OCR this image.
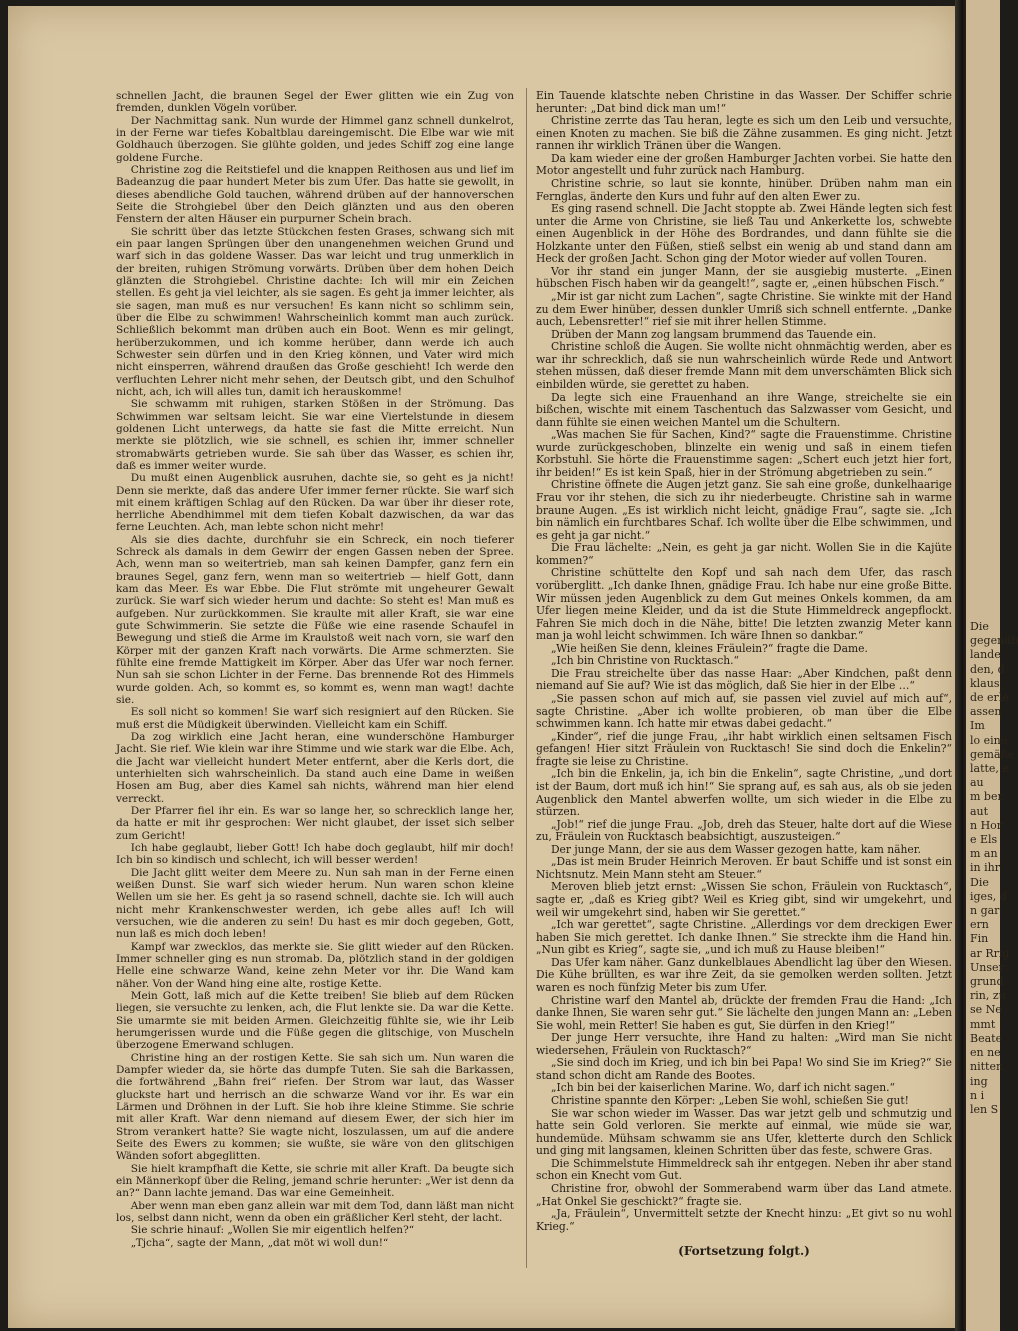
schnellen Jacht, die braunen Segel der Ewer glitten wie ein Zug von fremden, dunklen Vögeln vorüber.

Der Nachmittag sank. Nun wurde der Himmel ganz schnell dunkelrot, in der Ferne war tiefes Kobaltblau dareingemischt. Die Elbe war wie mit Goldhauch überzogen. Sie glühte golden, und jedes Schiff zog eine lange goldene Furche.

Christine zog die Reitstiefel und die knappen Reithosen aus und lief im Badeanzug die paar hundert Meter bis zum Ufer. Das hatte sie gewollt, in dieses abendliche Gold tauchen, während drüben auf der hannoverschen Seite die Strohgiebel über den Deich glänzten und aus den oberen Fenstern der alten Häuser ein purpurner Schein brach.

Sie schritt über das letzte Stückchen festen Grases, schwang sich mit ein paar langen Sprüngen über den unangenehmen weichen Grund und warf sich in das goldene Wasser. Das war leicht und trug unmerklich in der breiten, ruhigen Strömung vorwärts. Drüben über dem hohen Deich glänzten die Strohgiebel. Christine dachte: Ich will mir ein Zeichen stellen. Es geht ja viel leichter, als sie sagen. Es geht ja immer leichter, als sie sagen, man muß es nur versuchen! Es kann nicht so schlimm sein, über die Elbe zu schwimmen! Wahrscheinlich kommt man auch zurück. Schließlich bekommt man drüben auch ein Boot. Wenn es mir gelingt, herüberzukommen, und ich komme herüber, dann werde ich auch Schwester sein dürfen und in den Krieg können, und Vater wird mich nicht einsperren, während draußen das Große geschieht! Ich werde den verfluchten Lehrer nicht mehr sehen, der Deutsch gibt, und den Schulhof nicht, ach, ich will alles tun, damit ich herauskomme!

Sie schwamm mit ruhigen, starken Stößen in der Strömung. Das Schwimmen war seltsam leicht. Sie war eine Viertelstunde in diesem goldenen Licht unterwegs, da hatte sie fast die Mitte erreicht. Nun merkte sie plötzlich, wie sie schnell, es schien ihr, immer schneller stromabwärts getrieben wurde. Sie sah über das Wasser, es schien ihr, daß es immer weiter wurde.

Du mußt einen Augenblick ausruhen, dachte sie, so geht es ja nicht! Denn sie merkte, daß das andere Ufer immer ferner rückte. Sie warf sich mit einem kräftigen Schlag auf den Rücken. Da war über ihr dieser rote, herrliche Abendhimmel mit dem tiefen Kobalt dazwischen, da war das ferne Leuchten. Ach, man lebte schon nicht mehr!

Als sie dies dachte, durchfuhr sie ein Schreck, ein noch tieferer Schreck als damals in dem Gewirr der engen Gassen neben der Spree. Ach, wenn man so weitertrieb, man sah keinen Dampfer, ganz fern ein braunes Segel, ganz fern, wenn man so weitertrieb — hielf Gott, dann kam das Meer. Es war Ebbe. Die Flut strömte mit ungeheurer Gewalt zurück. Sie warf sich wieder herum und dachte: So steht es! Man muß es aufgeben. Nur zurückkommen. Sie kraulte mit aller Kraft, sie war eine gute Schwimmerin. Sie setzte die Füße wie eine rasende Schaufel in Bewegung und stieß die Arme im Kraulstoß weit nach vorn, sie warf den Körper mit der ganzen Kraft nach vorwärts. Die Arme schmerzten. Sie fühlte eine fremde Mattigkeit im Körper. Aber das Ufer war noch ferner. Nun sah sie schon Lichter in der Ferne. Das brennende Rot des Himmels wurde golden. Ach, so kommt es, so kommt es, wenn man wagt! dachte sie.

Es soll nicht so kommen! Sie warf sich resigniert auf den Rücken. Sie muß erst die Müdigkeit überwinden. Vielleicht kam ein Schiff.

Da zog wirklich eine Jacht heran, eine wunderschöne Hamburger Jacht. Sie rief. Wie klein war ihre Stimme und wie stark war die Elbe. Ach, die Jacht war vielleicht hundert Meter entfernt, aber die Kerls dort, die unterhielten sich wahrscheinlich. Da stand auch eine Dame in weißen Hosen am Bug, aber dies Kamel sah nichts, während man hier elend verreckt.

Der Pfarrer fiel ihr ein. Es war so lange her, so schrecklich lange her, da hatte er mit ihr gesprochen: Wer nicht glaubet, der isset sich selber zum Gericht!

Ich habe geglaubt, lieber Gott! Ich habe doch geglaubt, hilf mir doch! Ich bin so kindisch und schlecht, ich will besser werden!

Die Jacht glitt weiter dem Meere zu. Nun sah man in der Ferne einen weißen Dunst. Sie warf sich wieder herum. Nun waren schon kleine Wellen um sie her. Es geht ja so rasend schnell, dachte sie. Ich will auch nicht mehr Krankenschwester werden, ich gebe alles auf! Ich will versuchen, wie die anderen zu sein! Du hast es mir doch gegeben, Gott, nun laß es mich doch leben!

Kampf war zwecklos, das merkte sie. Sie glitt wieder auf den Rücken. Immer schneller ging es nun stromab. Da, plötzlich stand in der goldigen Helle eine schwarze Wand, keine zehn Meter vor ihr. Die Wand kam näher. Von der Wand hing eine alte, rostige Kette.

Mein Gott, laß mich auf die Kette treiben! Sie blieb auf dem Rücken liegen, sie versuchte zu lenken, ach, die Flut lenkte sie. Da war die Kette. Sie umarmte sie mit beiden Armen. Gleichzeitig fühlte sie, wie ihr Leib herumgerissen wurde und die Füße gegen die glitschige, von Muscheln überzogene Emerwand schlugen.

Christine hing an der rostigen Kette. Sie sah sich um. Nun waren die Dampfer wieder da, sie hörte das dumpfe Tuten. Sie sah die Barkassen, die fortwährend „Bahn frei“ riefen. Der Strom war laut, das Wasser gluckste hart und herrisch an die schwarze Wand vor ihr. Es war ein Lärmen und Dröhnen in der Luft. Sie hob ihre kleine Stimme. Sie schrie mit aller Kraft. War denn niemand auf diesem Ewer, der sich hier im Strom verankert hatte? Sie wagte nicht, loszulassen, um auf die andere Seite des Ewers zu kommen; sie wußte, sie wäre von den glitschigen Wänden sofort abgeglitten.

Sie hielt krampfhaft die Kette, sie schrie mit aller Kraft. Da beugte sich ein Männerkopf über die Reling, jemand schrie herunter: „Wer ist denn da an?“ Dann lachte jemand. Das war eine Gemeinheit.

Aber wenn man eben ganz allein war mit dem Tod, dann läßt man nicht los, selbst dann nicht, wenn da oben ein gräßlicher Kerl steht, der lacht.

Sie schrie hinauf: „Wollen Sie mir eigentlich helfen?“

„Tjcha“, sagte der Mann, „dat möt wi woll dun!“

Ein Tauende klatschte neben Christine in das Wasser. Der Schiffer schrie herunter: „Dat bind dick man um!“

Christine zerrte das Tau heran, legte es sich um den Leib und versuchte, einen Knoten zu machen. Sie biß die Zähne zusammen. Es ging nicht. Jetzt rannen ihr wirklich Tränen über die Wangen.

Da kam wieder eine der großen Hamburger Jachten vorbei. Sie hatte den Motor angestellt und fuhr zurück nach Hamburg.

Christine schrie, so laut sie konnte, hinüber. Drüben nahm man ein Fernglas, änderte den Kurs und fuhr auf den alten Ewer zu.

Es ging rasend schnell. Die Jacht stoppte ab. Zwei Hände legten sich fest unter die Arme von Christine, sie ließ Tau und Ankerkette los, schwebte einen Augenblick in der Höhe des Bordrandes, und dann fühlte sie die Holzkante unter den Füßen, stieß selbst ein wenig ab und stand dann am Heck der großen Jacht. Schon ging der Motor wieder auf vollen Touren.

Vor ihr stand ein junger Mann, der sie ausgiebig musterte. „Einen hübschen Fisch haben wir da geangelt!“, sagte er, „einen hübschen Fisch.“

„Mir ist gar nicht zum Lachen“, sagte Christine. Sie winkte mit der Hand zu dem Ewer hinüber, dessen dunkler Umriß sich schnell entfernte. „Danke auch, Lebensretter!“ rief sie mit ihrer hellen Stimme.

Drüben der Mann zog langsam brummend das Tauende ein.

Christine schloß die Augen. Sie wollte nicht ohnmächtig werden, aber es war ihr schrecklich, daß sie nun wahrscheinlich würde Rede und Antwort stehen müssen, daß dieser fremde Mann mit dem unverschämten Blick sich einbilden würde, sie gerettet zu haben.

Da legte sich eine Frauenhand an ihre Wange, streichelte sie ein bißchen, wischte mit einem Taschentuch das Salzwasser vom Gesicht, und dann fühlte sie einen weichen Mantel um die Schultern.

„Was machen Sie für Sachen, Kind?“ sagte die Frauenstimme. Christine wurde zurückgeschoben, blinzelte ein wenig und saß in einem tiefen Korbstuhl. Sie hörte die Frauenstimme sagen: „Schert euch jetzt hier fort, ihr beiden!“ Es ist kein Spaß, hier in der Strömung abgetrieben zu sein.“

Christine öffnete die Augen jetzt ganz. Sie sah eine große, dunkelhaarige Frau vor ihr stehen, die sich zu ihr niederbeugte. Christine sah in warme braune Augen. „Es ist wirklich nicht leicht, gnädige Frau“, sagte sie. „Ich bin nämlich ein furchtbares Schaf. Ich wollte über die Elbe schwimmen, und es geht ja gar nicht.“

Die Frau lächelte: „Nein, es geht ja gar nicht. Wollen Sie in die Kajüte kommen?“

Christine schüttelte den Kopf und sah nach dem Ufer, das rasch vorüberglitt. „Ich danke Ihnen, gnädige Frau. Ich habe nur eine große Bitte. Wir müssen jeden Augenblick zu dem Gut meines Onkels kommen, da am Ufer liegen meine Kleider, und da ist die Stute Himmeldreck angepflockt. Fahren Sie mich doch in die Nähe, bitte! Die letzten zwanzig Meter kann man ja wohl leicht schwimmen. Ich wäre Ihnen so dankbar.“

„Wie heißen Sie denn, kleines Fräulein?“ fragte die Dame.

„Ich bin Christine von Rucktasch.“

Die Frau streichelte über das nasse Haar: „Aber Kindchen, paßt denn niemand auf Sie auf? Wie ist das möglich, daß Sie hier in der Elbe …“

„Sie passen schon auf mich auf, sie passen viel zuviel auf mich auf“, sagte Christine. „Aber ich wollte probieren, ob man über die Elbe schwimmen kann. Ich hatte mir etwas dabei gedacht.“

„Kinder“, rief die junge Frau, „ihr habt wirklich einen seltsamen Fisch gefangen! Hier sitzt Fräulein von Rucktasch! Sie sind doch die Enkelin?“ fragte sie leise zu Christine.

„Ich bin die Enkelin, ja, ich bin die Enkelin“, sagte Christine, „und dort ist der Baum, dort muß ich hin!“ Sie sprang auf, es sah aus, als ob sie jeden Augenblick den Mantel abwerfen wollte, um sich wieder in die Elbe zu stürzen.

„Job!“ rief die junge Frau. „Job, dreh das Steuer, halte dort auf die Wiese zu, Fräulein von Rucktasch beabsichtigt, auszusteigen.“

Der junge Mann, der sie aus dem Wasser gezogen hatte, kam näher.

„Das ist mein Bruder Heinrich Meroven. Er baut Schiffe und ist sonst ein Nichtsnutz. Mein Mann steht am Steuer.“

Meroven blieb jetzt ernst: „Wissen Sie schon, Fräulein von Rucktasch“, sagte er, „daß es Krieg gibt? Weil es Krieg gibt, sind wir umgekehrt, und weil wir umgekehrt sind, haben wir Sie gerettet.“

„Ich war gerettet“, sagte Christine. „Allerdings vor dem dreckigen Ewer haben Sie mich gerettet. Ich danke Ihnen.“ Sie streckte ihm die Hand hin. „Nun gibt es Krieg“, sagte sie, „und ich muß zu Hause bleiben!“

Das Ufer kam näher. Ganz dunkelblaues Abendlicht lag über den Wiesen. Die Kühe brüllten, es war ihre Zeit, da sie gemolken werden sollten. Jetzt waren es noch fünfzig Meter bis zum Ufer.

Christine warf den Mantel ab, drückte der fremden Frau die Hand: „Ich danke Ihnen, Sie waren sehr gut.“ Sie lächelte den jungen Mann an: „Leben Sie wohl, mein Retter! Sie haben es gut, Sie dürfen in den Krieg!“

Der junge Herr versuchte, ihre Hand zu halten: „Wird man Sie nicht wiedersehen, Fräulein von Rucktasch?“

„Sie sind doch im Krieg, und ich bin bei Papa! Wo sind Sie im Krieg?“ Sie stand schon dicht am Rande des Bootes.

„Ich bin bei der kaiserlichen Marine. Wo, darf ich nicht sagen.“

Christine spannte den Körper: „Leben Sie wohl, schießen Sie gut!

Sie war schon wieder im Wasser. Das war jetzt gelb und schmutzig und hatte sein Gold verloren. Sie merkte auf einmal, wie müde sie war, hundemüde. Mühsam schwamm sie ans Ufer, kletterte durch den Schlick und ging mit langsamen, kleinen Schritten über das feste, schwere Gras.

Die Schimmelstute Himmeldreck sah ihr entgegen. Neben ihr aber stand schon ein Knecht vom Gut.

Christine fror, obwohl der Sommerabend warm über das Land atmete. „Hat Onkel Sie geschickt?“ fragte sie.

„Ja, Fräulein“, Unvermittelt setzte der Knecht hinzu: „Et givt so nu wohl Krieg.“

(Fortsetzung folgt.)
Die
gegenüb
lande
den, d
klaus
de erle
assen
Im
lo eine
gemäße
latte, e
au
m ber
aut
n Hor
e Els
m an
in ihr
Die
iges, d
n gar
ern
Fin
ar Rrig
Unser
grund
rin, zu
se Ne
mmt
Beate
en ne
nitten
ing
n i
len S
